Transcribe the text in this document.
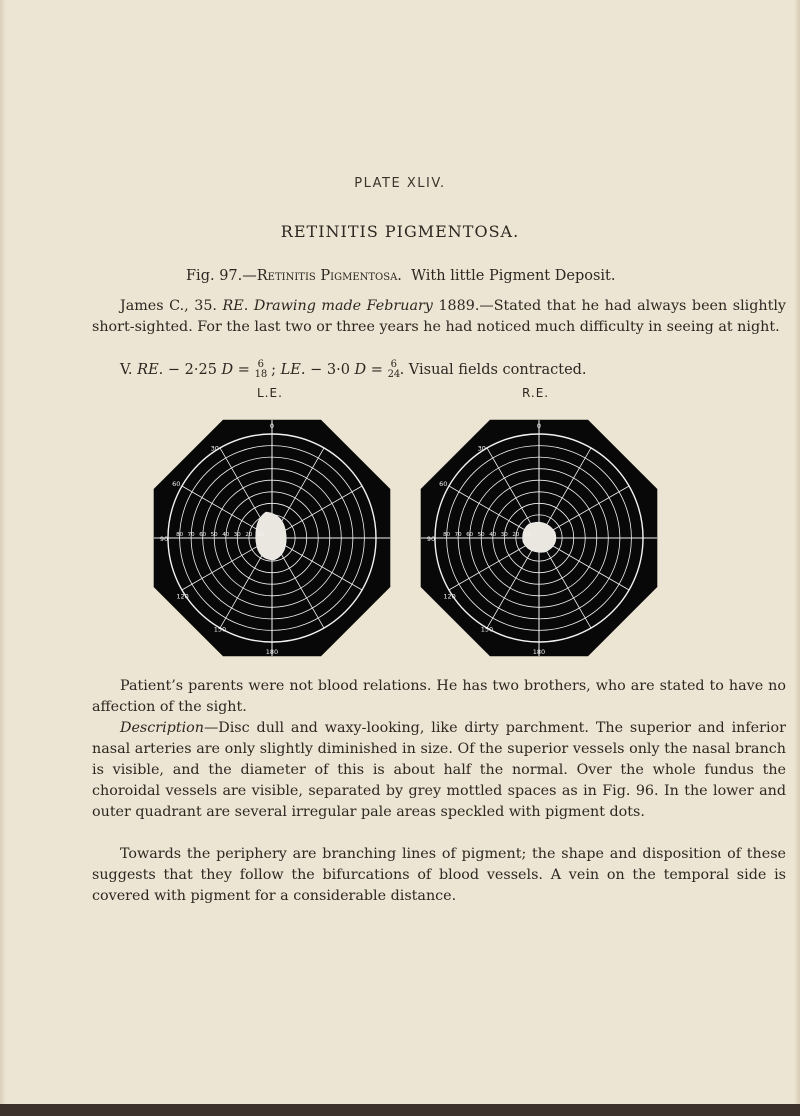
PLATE XLIV.
RETINITIS PIGMENTOSA.
Fig. 97.—Retinitis Pigmentosa. With little Pigment Deposit.
James C., 35. RE. Drawing made February 1889.—Stated that he had always been slightly short-sighted. For the last two or three years he had noticed much difficulty in seeing at night.
V. RE. − 2·25 D = 6
18 ; LE. − 3·0 D = 6
24 . Visual fields contracted.
L.E.	R.E.
0
30
60
90
120
150
180
80 70 60 50 40 30 20 10
0
30
60
90
120
150
180
80 70 60 50 40 30 20 10
Patient’s parents were not blood relations. He has two brothers, who are stated to have no affection of the sight.
Description—Disc dull and waxy-looking, like dirty parchment. The superior and inferior nasal arteries are only slightly diminished in size. Of the superior vessels only the nasal branch is visible, and the diameter of this is about half the normal. Over the whole fundus the choroidal vessels are visible, separated by grey mottled spaces as in Fig. 96. In the lower and outer quadrant are several irregular pale areas speckled with pigment dots.
Towards the periphery are branching lines of pigment; the shape and disposition of these suggests that they follow the bifurcations of blood vessels. A vein on the temporal side is covered with pigment for a considerable distance.
